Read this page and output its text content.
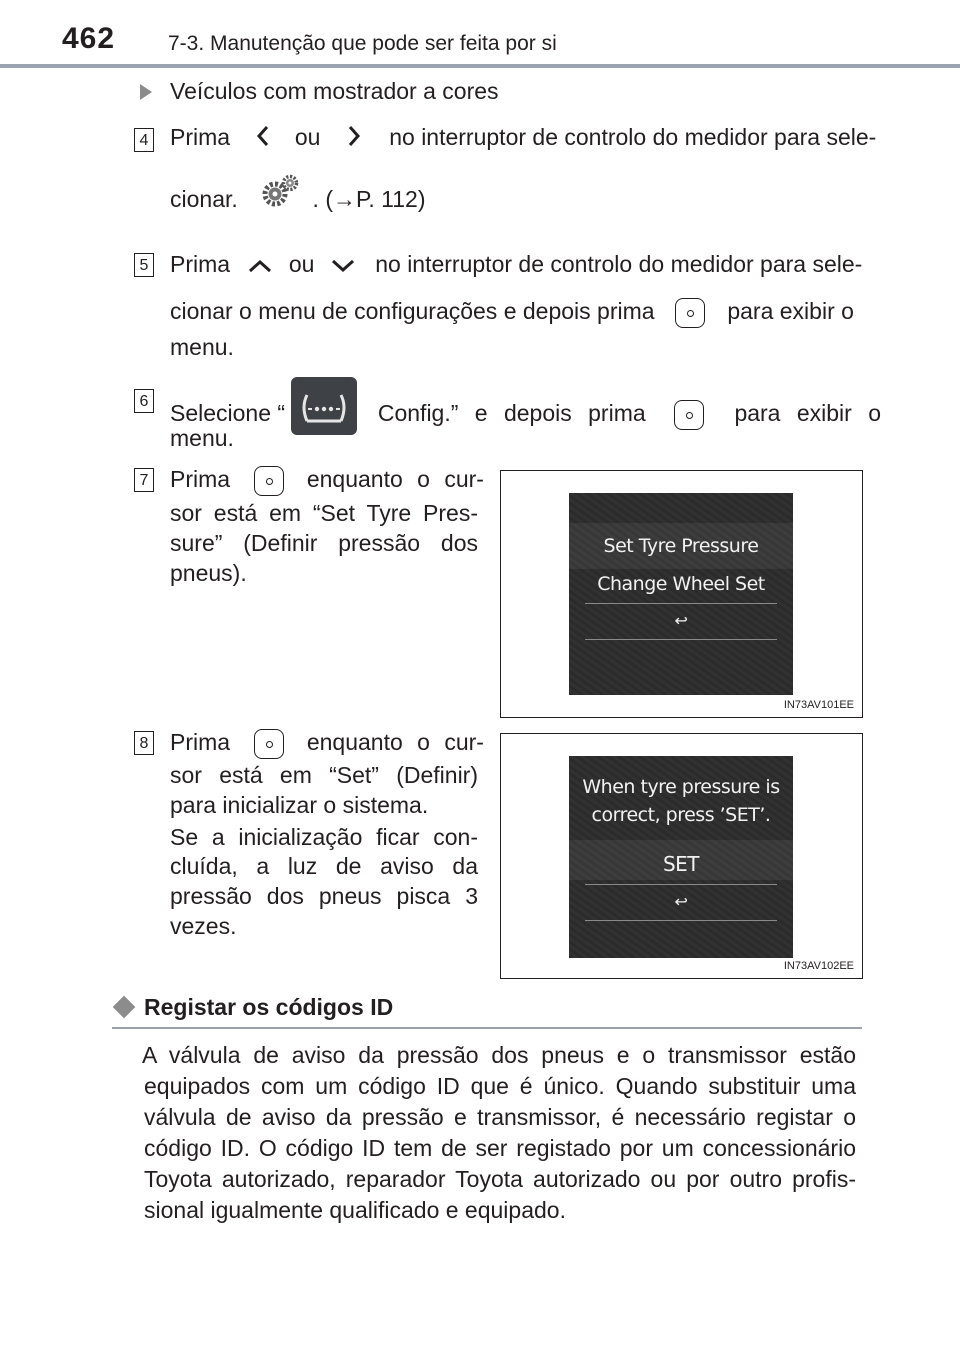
462	7-3. Manutenção que pode ser feita por si
Veículos com mostrador a cores
4 Prima	ou	no interruptor de controlo do medidor para sele-
cionar.	. (→P. 112)
5 Prima	ou	no interruptor de controlo do medidor para sele-
cionar o menu de configurações e depois prima	para exibir o
menu.
6 Selecione “	Config.” e depois prima	para exibir o
menu.
7 Prima	enquanto o cur-
sor está em “Set Tyre Pres-
sure” (Definir pressão dos
pneus).
Set Tyre Pressure
Change Wheel Set
↩
IN73AV101EE
8 Prima	enquanto o cur-
sor está em “Set” (Definir)
para inicializar o sistema.
Se a inicialização ficar con-
cluída, a luz de aviso da
pressão dos pneus pisca 3
vezes.
When tyre pressure is
correct, press ’SET’.
SET
↩
IN73AV102EE
Registar os códigos ID
A válvula de aviso da pressão dos pneus e o transmissor estão equipados com um código ID que é único. Quando substituir uma válvula de aviso da pressão e transmissor, é necessário registar o código ID. O código ID tem de ser registado por um concessionário Toyota autorizado, reparador Toyota autorizado ou por outro profis- sional igualmente qualificado e equipado.
